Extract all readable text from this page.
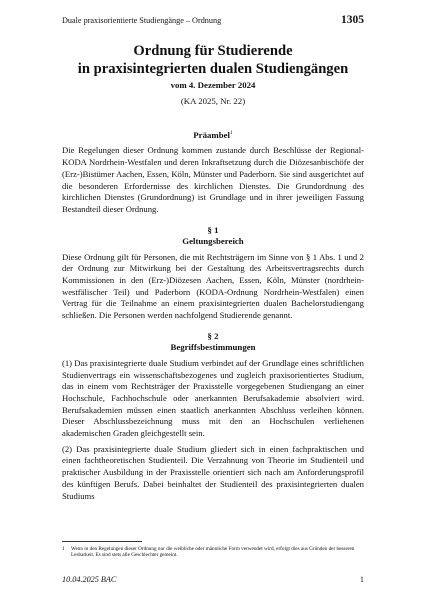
Duale praxisorientierte Studiengänge – Ordnung	1305

Ordnung für Studierende

in praxisintegrierten dualen Studiengängen

vom 4. Dezember 2024
(KA 2025, Nr. 22)
Präambel$^1$

Die Regelungen dieser Ordnung kommen zustande durch Beschlüsse der Regional-KODA Nordrhein-Westfalen und deren Inkraftsetzung durch die Diözesanbischöfe der (Erz-)Bistümer Aachen, Essen, Köln, Münster und Paderborn. Sie sind ausgerichtet auf die besonderen Erfordernisse des kirchlichen Dienstes. Die Grundordnung des kirchlichen Dienstes (Grundordnung) ist Grundlage und in ihrer jeweiligen Fassung Bestandteil dieser Ordnung.

§ 1
Geltungsbereich

Diese Ordnung gilt für Personen, die mit Rechtsträgern im Sinne von § 1 Abs. 1 und 2 der Ordnung zur Mitwirkung bei der Gestaltung des Arbeitsvertragsrechts durch Kommissionen in den (Erz-)Diözesen Aachen, Essen, Köln, Münster (nordrhein-westfälischer Teil) und Paderborn (KODA-Ordnung Nordrhein-Westfalen) einen Vertrag für die Teilnahme an einem praxisintegrierten dualen Bachelorstudiengang schließen. Die Personen werden nachfolgend Studierende genannt.

§ 2
Begriffsbestimmungen

(1) Das praxisintegrierte duale Studium verbindet auf der Grundlage eines schriftlichen Studienvertrags ein wissenschaftsbezogenes und zugleich praxisorientiertes Studium, das in einem vom Rechtsträger der Praxisstelle vorgegebenen Studiengang an einer Hochschule, Fachhochschule oder anerkannten Berufsakademie absolviert wird. Berufsakademien müssen einen staatlich anerkannten Abschluss verleihen können. Dieser Abschlussbezeichnung muss mit den an Hochschulen verliehenen akademischen Graden gleichgestellt sein.

(2) Das praxisintegrierte duale Studium gliedert sich in einen fachpraktischen und einen fachtheoretischen Studienteil. Die Verzahnung von Theorie im Studienteil und praktischer Ausbildung in der Praxisstelle orientiert sich nach am Anforderungsprofil des künftigen Berufs. Dabei beinhaltet der Studienteil des praxisintegrierten dualen Studiums

1 Wenn in den Regelungen dieser Ordnung nur die weibliche oder männliche Form verwendet wird, erfolgt dies aus Gründen der besseren Lesbarkeit. Es sind stets alle Geschlechter gemeint.
10.04.2025 BAC	1
